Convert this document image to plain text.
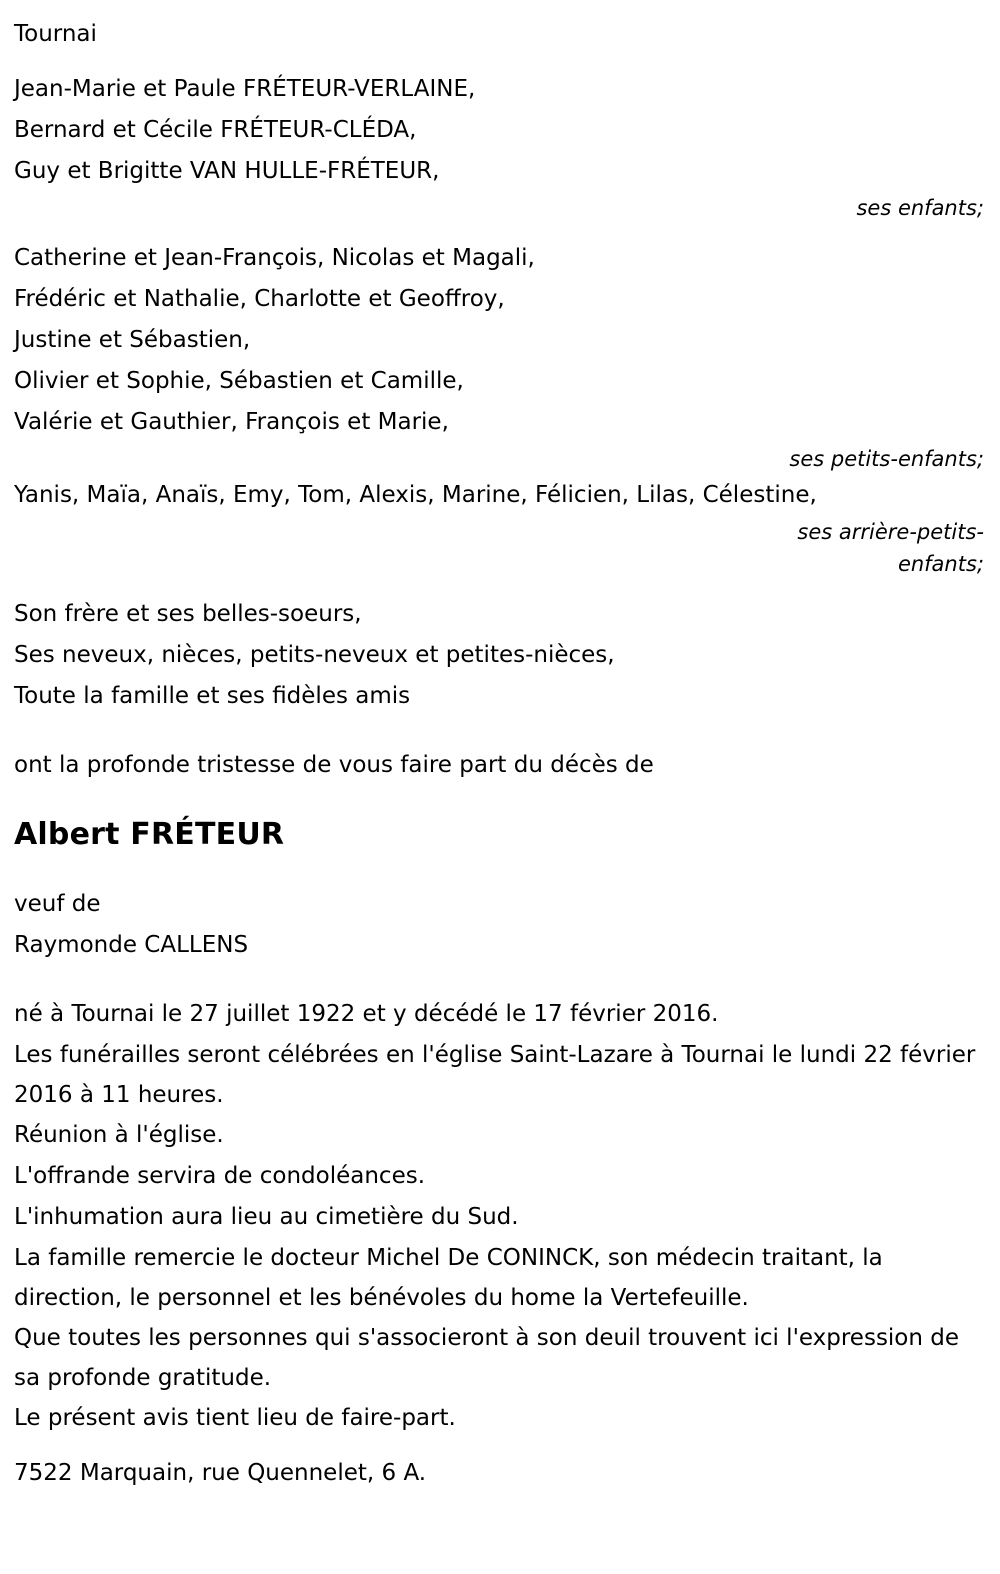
Tournai
Jean-Marie et Paule FRÉTEUR-VERLAINE,
Bernard et Cécile FRÉTEUR-CLÉDA,
Guy et Brigitte VAN HULLE-FRÉTEUR,
ses enfants;
Catherine et Jean-François, Nicolas et Magali,
Frédéric et Nathalie, Charlotte et Geoffroy,
Justine et Sébastien,
Olivier et Sophie, Sébastien et Camille,
Valérie et Gauthier, François et Marie,
ses petits-enfants;
Yanis, Maïa, Anaïs, Emy, Tom, Alexis, Marine, Félicien, Lilas, Célestine,
ses arrière-petits-
enfants;
Son frère et ses belles-soeurs,
Ses neveux, nièces, petits-neveux et petites-nièces,
Toute la famille et ses fidèles amis
ont la profonde tristesse de vous faire part du décès de
Albert FRÉTEUR
veuf de
Raymonde CALLENS
né à Tournai le 27 juillet 1922 et y décédé le 17 février 2016.
Les funérailles seront célébrées en l'église Saint-Lazare à Tournai le lundi 22 février 2016 à 11 heures.
Réunion à l'église.
L'offrande servira de condoléances.
L'inhumation aura lieu au cimetière du Sud.
La famille remercie le docteur Michel De CONINCK, son médecin traitant, la direction, le personnel et les bénévoles du home la Vertefeuille.
Que toutes les personnes qui s'associeront à son deuil trouvent ici l'expression de sa profonde gratitude.
Le présent avis tient lieu de faire-part.
7522 Marquain, rue Quennelet, 6 A.
